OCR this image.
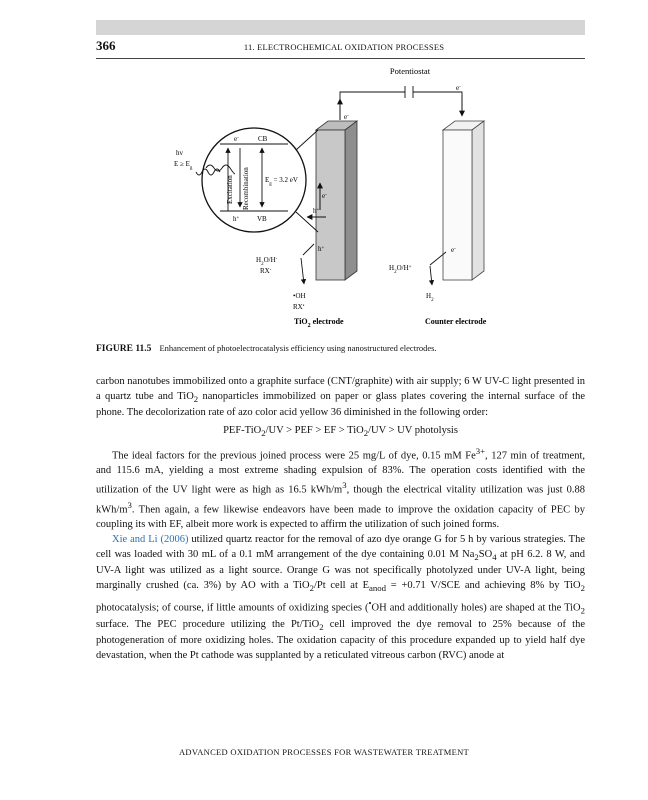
366	11. ELECTROCHEMICAL OXIDATION PROCESSES
Potentiostat
e-
e-
e-
h+
CB
e-
VB
h+
Excitation Recombination $E_g = 3.2$ eV
hv
$E \ge E_g$
h+
$H_2O/H^-$
RX-
•OH
RX•
TiO$_2$ electrode
e-
$H_2O/H^+$
$H_2$
Counter electrode
FIGURE 11.5 Enhancement of photoelectrocatalysis efficiency using nanostructured electrodes.

carbon nanotubes immobilized onto a graphite surface (CNT/graphite) with air supply; 6 W UV-C light presented in a quartz tube and TiO$_2$ nanoparticles immobilized on paper or glass plates covering the internal surface of the phone. The decolorization rate of azo color acid yellow 36 diminished in the following order:

PEF-TiO$_2$/UV > PEF > EF > TiO$_2$/UV > UV photolysis

The ideal factors for the previous joined process were 25 mg/L of dye, 0.15 mM $Fe^{3+}$, 127 min of treatment, and 115.6 mA, yielding a most extreme shading expulsion of 83%. The operation costs identified with the utilization of the UV light were as high as 16.5 kWh/$m^3$, though the electrical vitality utilization was just 0.88 kWh/$m^3$. Then again, a few likewise endeavors have been made to improve the oxidation capacity of PEC by coupling its with EF, albeit more work is expected to affirm the utilization of such joined forms.

Xie and Li (2006) utilized quartz reactor for the removal of azo dye orange G for 5 h by various strategies. The cell was loaded with 30 mL of a 0.1 mM arrangement of the dye containing 0.01 M $Na_2SO_4$ at pH 6.2. 8 W, and UV-A light was utilized as a light source. Orange G was not specifically photolyzed under UV-A light, being marginally crushed (ca. 3%) by AO with a TiO$_2$/Pt cell at $E_{anod} = +0.71$ V/SCE and achieving 8% by TiO$_2$ photocatalysis; of course, if little amounts of oxidizing species (•OH and additionally holes) are shaped at the TiO$_2$ surface. The PEC procedure utilizing the Pt/TiO$_2$ cell improved the dye removal to 25% because of the photogeneration of more oxidizing holes. The oxidation capacity of this procedure expanded up to yield half dye devastation, when the Pt cathode was supplanted by a reticulated vitreous carbon (RVC) anode at

ADVANCED OXIDATION PROCESSES FOR WASTEWATER TREATMENT
